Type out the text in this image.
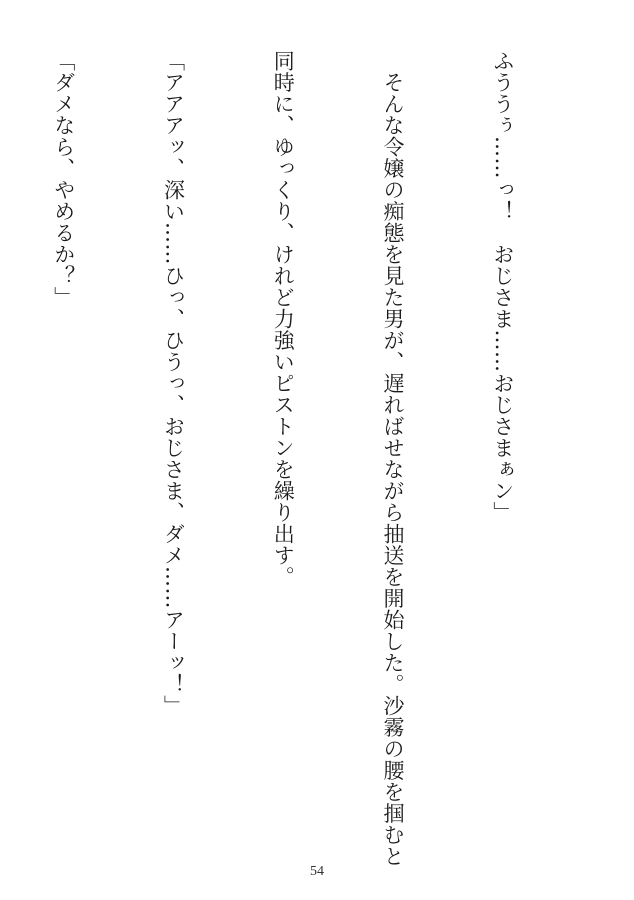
ふううぅ……っ！　おじさま……おじさまぁン」

　そんな令嬢の痴態を見た男が、遅ればせながら抽送を開始した。沙霧の腰を掴むと

同時に、ゆっくり、けれど力強いピストンを繰り出す。

「アアアッ、深い……ひっ、ひうっ、おじさま、ダメ……アーッ！」

「ダメなら、やめるか？」

54
